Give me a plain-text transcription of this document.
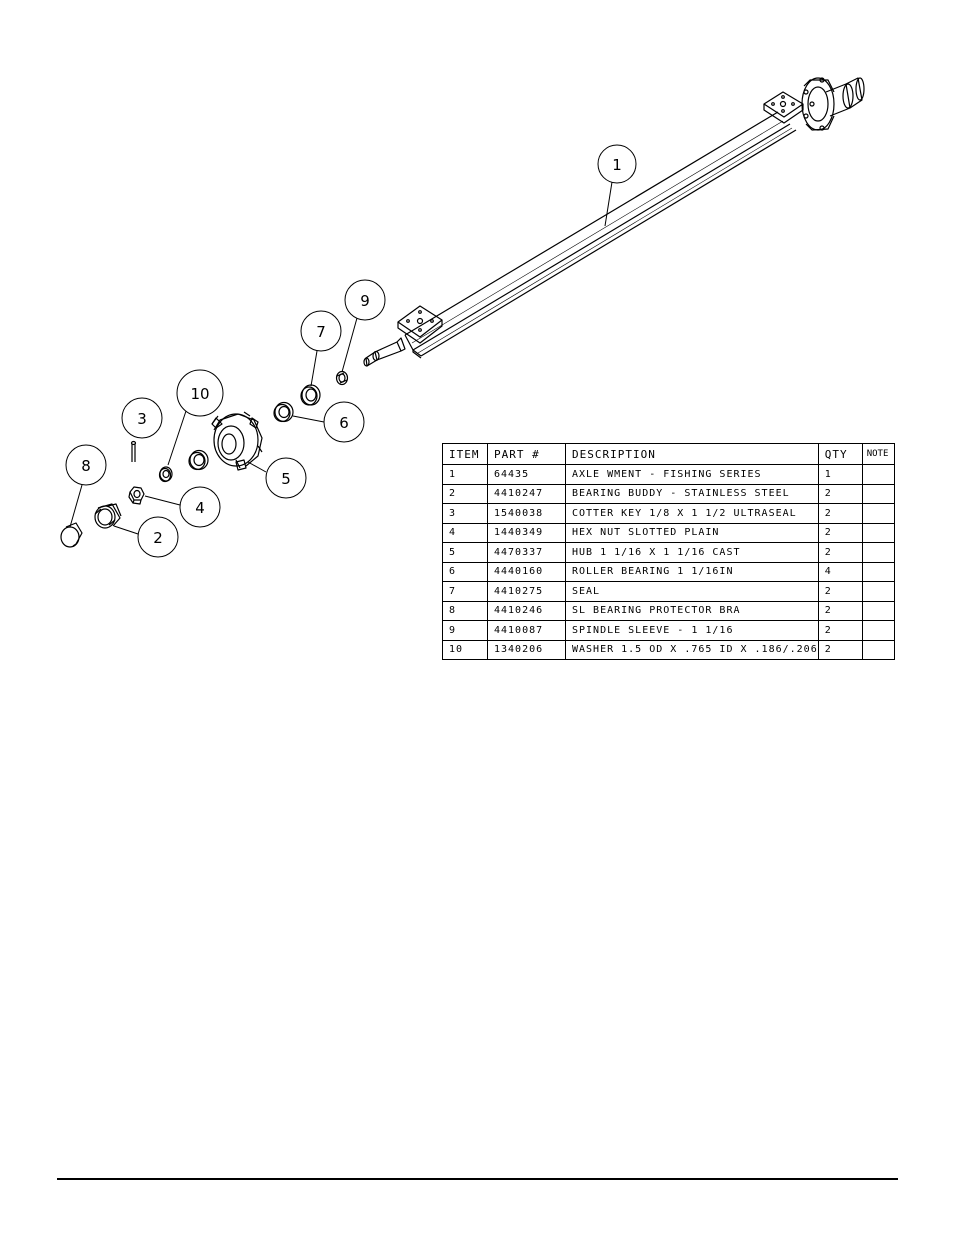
1
2
3
4
5
6
7
8
9
10
ITEM	PART #	DESCRIPTION	QTY	NOTE
1	64435	AXLE WMENT - FISHING SERIES	1	
2	4410247	BEARING BUDDY - STAINLESS STEEL	2	
3	1540038	COTTER KEY 1/8 X 1 1/2 ULTRASEAL	2	
4	1440349	HEX NUT SLOTTED PLAIN	2	
5	4470337	HUB 1 1/16 X 1 1/16 CAST	2	
6	4440160	ROLLER BEARING 1 1/16IN	4	
7	4410275	SEAL	2	
8	4410246	SL BEARING PROTECTOR BRA	2	
9	4410087	SPINDLE SLEEVE - 1 1/16	2	
10	1340206	WASHER 1.5 OD X .765 ID X .186/.206	2	
